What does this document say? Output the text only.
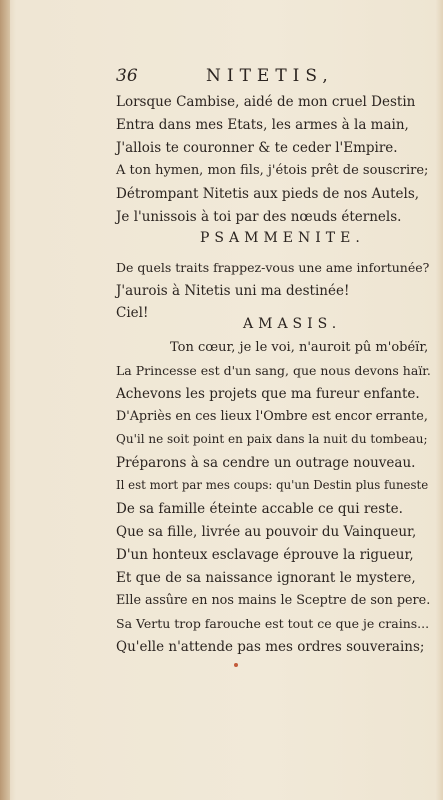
36	NITETIS,
Lorsque Cambise, aidé de mon cruel Destin
Entra dans mes Etats, les armes à la main,
J'allois te couronner & te ceder l'Empire.
A ton hymen, mon fils, j'étois prêt de souscrire;
Détrompant Nitetis aux pieds de nos Autels,
Je l'unissois à toi par des nœuds éternels.
PSAMMENITE.
De quels traits frappez-vous une ame infortunée?
J'aurois à Nitetis uni ma destinée!
Ciel!
AMASIS.
Ton cœur, je le voi, n'auroit pû m'obéïr,
La Princesse est d'un sang, que nous devons haïr.
Achevons les projets que ma fureur enfante.
D'Apriès en ces lieux l'Ombre est encor errante,
Qu'il ne soit point en paix dans la nuit du tombeau;
Préparons à sa cendre un outrage nouveau.
Il est mort par mes coups: qu'un Destin plus funeste
De sa famille éteinte accable ce qui reste.
Que sa fille, livrée au pouvoir du Vainqueur,
D'un honteux esclavage éprouve la rigueur,
Et que de sa naissance ignorant le mystere,
Elle assûre en nos mains le Sceptre de son pere.
Sa Vertu trop farouche est tout ce que je crains...
Qu'elle n'attende pas mes ordres souverains;
